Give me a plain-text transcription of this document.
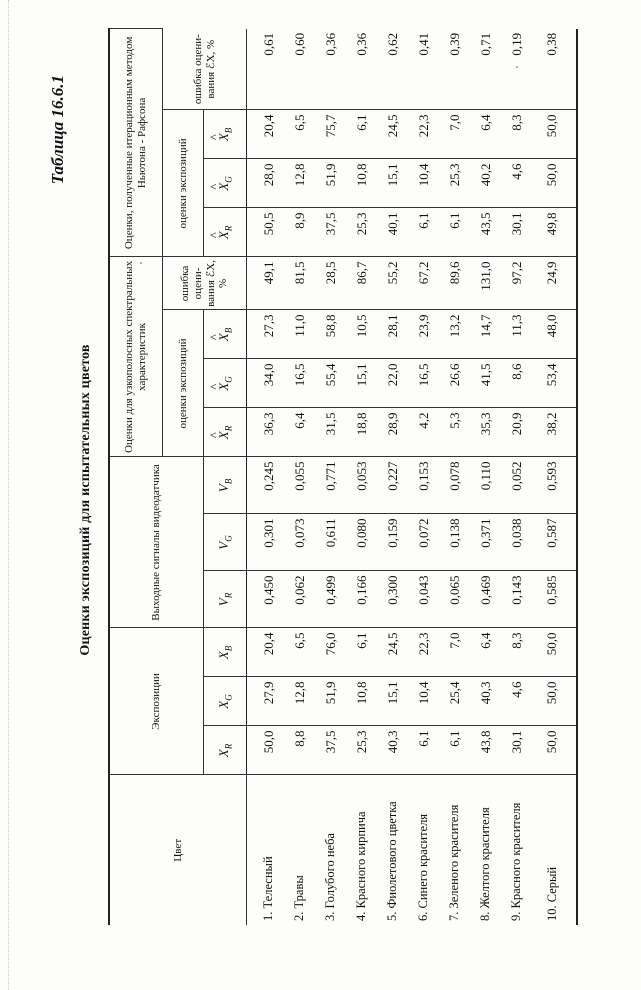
Таблица 16.6.1
Оценки экспозиций для испытательных цветов
Цвет	Экспозиции			Выходные сигналы видеодатчика			Оценки для узкополосных спектральных характеристик				Оценки, полученные итерационным методом Ньютона - Рафсона			
							оценки экспозиций			ошибка оцени-вания ℰX, %	оценки экспозиций			ошибка оцени-вания ℰX, %
	$X_R$	$X_G$	$X_B$	$V_R$	$V_G$	$V_B$	^ $X_R$	^ $X_G$	^ $X_B$		^ $X_R$	^ $X_G$	^ $X_B$
1. Телесный	50,0	27,9	20,4	0,450	0,301	0,245	36,3	34,0	27,3	49,1	50,5	28,0	20,4	0,61
2. Травы	8,8	12,8	6,5	0,062	0,073	0,055	6,4	16,5	11,0	81,5	8,9	12,8	6,5	0,60
3. Голубого неба	37,5	51,9	76,0	0,499	0,611	0,771	31,5	55,4	58,8	28,5	37,5	51,9	75,7	0,36
4. Красного кирпича	25,3	10,8	6,1	0,166	0,080	0,053	18,8	15,1	10,5	86,7	25,3	10,8	6,1	0,36
5. Фиолетового цветка	40,3	15,1	24,5	0,300	0,159	0,227	28,9	22,0	28,1	55,2	40,1	15,1	24,5	0,62
6. Синего красителя	6,1	10,4	22,3	0,043	0,072	0,153	4,2	16,5	23,9	67,2	6,1	10,4	22,3	0,41
7. Зеленого красителя	6,1	25,4	7,0	0,065	0,138	0,078	5,3	26,6	13,2	89,6	6,1	25,3	7,0	0,39
8. Желтого красителя	43,8	40,3	6,4	0,469	0,371	0,110	35,3	41,5	14,7	131,0	43,5	40,2	6,4	0,71
9. Красного красителя	30,1	4,6	8,3	0,143	0,038	0,052	20,9	8,6	11,3	97,2	30,1	4,6	8,3	0,19
10. Серый	50,0	50,0	50,0	0,585	0,587	0,593	38,2	53,4	48,0	24,9	49,8	50,0	50,0	0,38
